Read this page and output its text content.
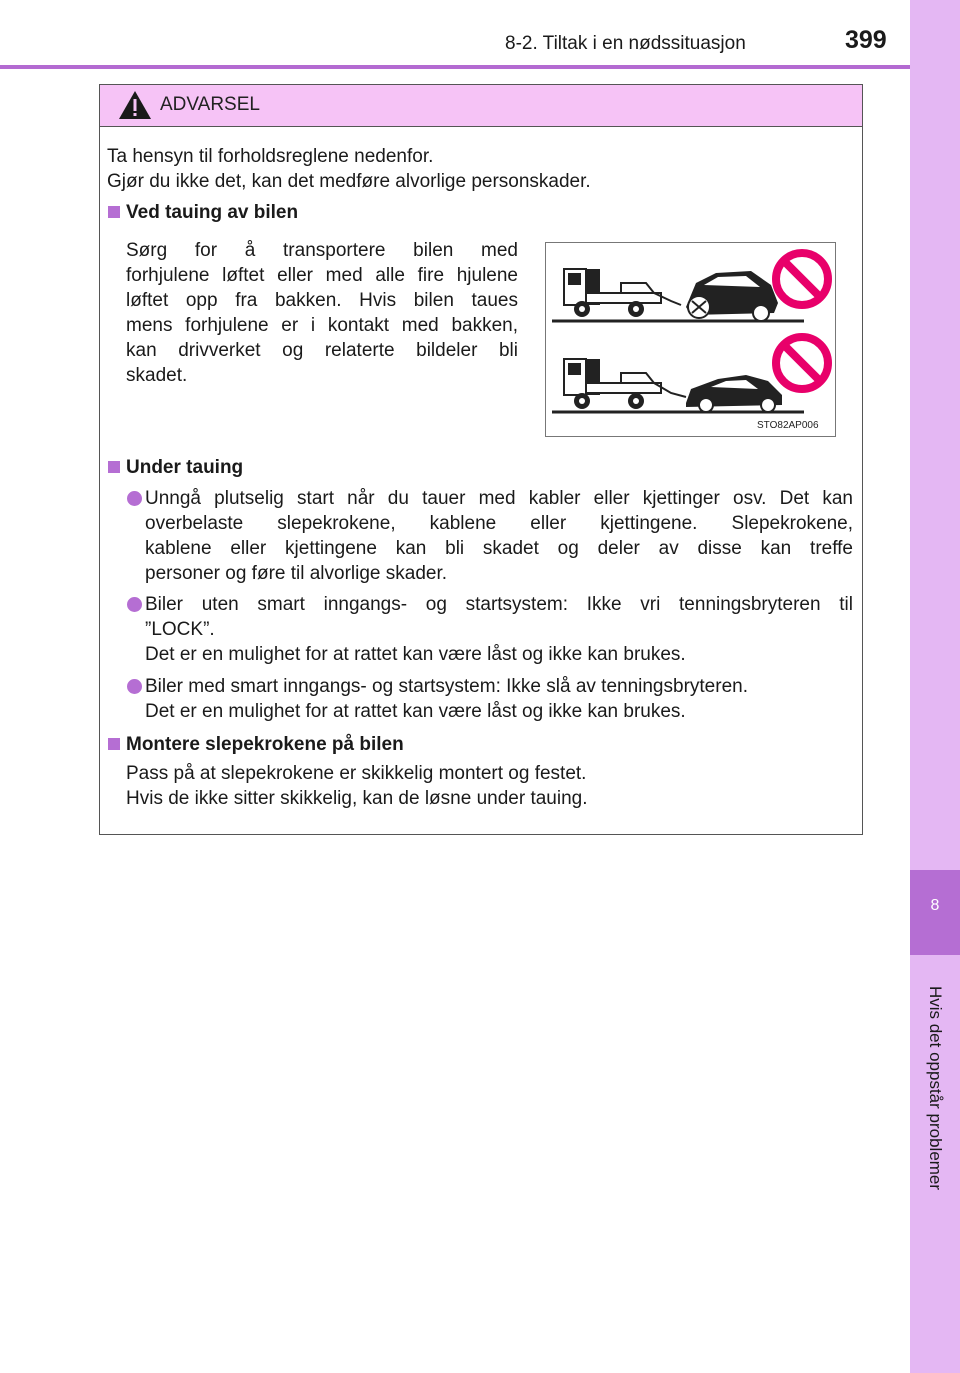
8-2. Tiltak i en nødssituasjon	399
8
Hvis det oppstår problemer
ADVARSEL
Ta hensyn til forholdsreglene nedenfor.
Gjør du ikke det, kan det medføre alvorlige personskader.
Ved tauing av bilen
Sørg for å transportere bilen med
forhjulene løftet eller med alle fire hjulene
løftet opp fra bakken. Hvis bilen taues
mens forhjulene er i kontakt med bakken,
kan drivverket og relaterte bildeler bli
skadet.
STO82AP006
Under tauing
Unngå plutselig start når du tauer med kabler eller kjettinger osv. Det kan
overbelaste slepekrokene, kablene eller kjettingene. Slepekrokene,
kablene eller kjettingene kan bli skadet og deler av disse kan treffe
personer og føre til alvorlige skader.
Biler uten smart inngangs- og startsystem: Ikke vri tenningsbryteren til
”LOCK”.
Det er en mulighet for at rattet kan være låst og ikke kan brukes.
Biler med smart inngangs- og startsystem: Ikke slå av tenningsbryteren.
Det er en mulighet for at rattet kan være låst og ikke kan brukes.
Montere slepekrokene på bilen
Pass på at slepekrokene er skikkelig montert og festet.
Hvis de ikke sitter skikkelig, kan de løsne under tauing.
